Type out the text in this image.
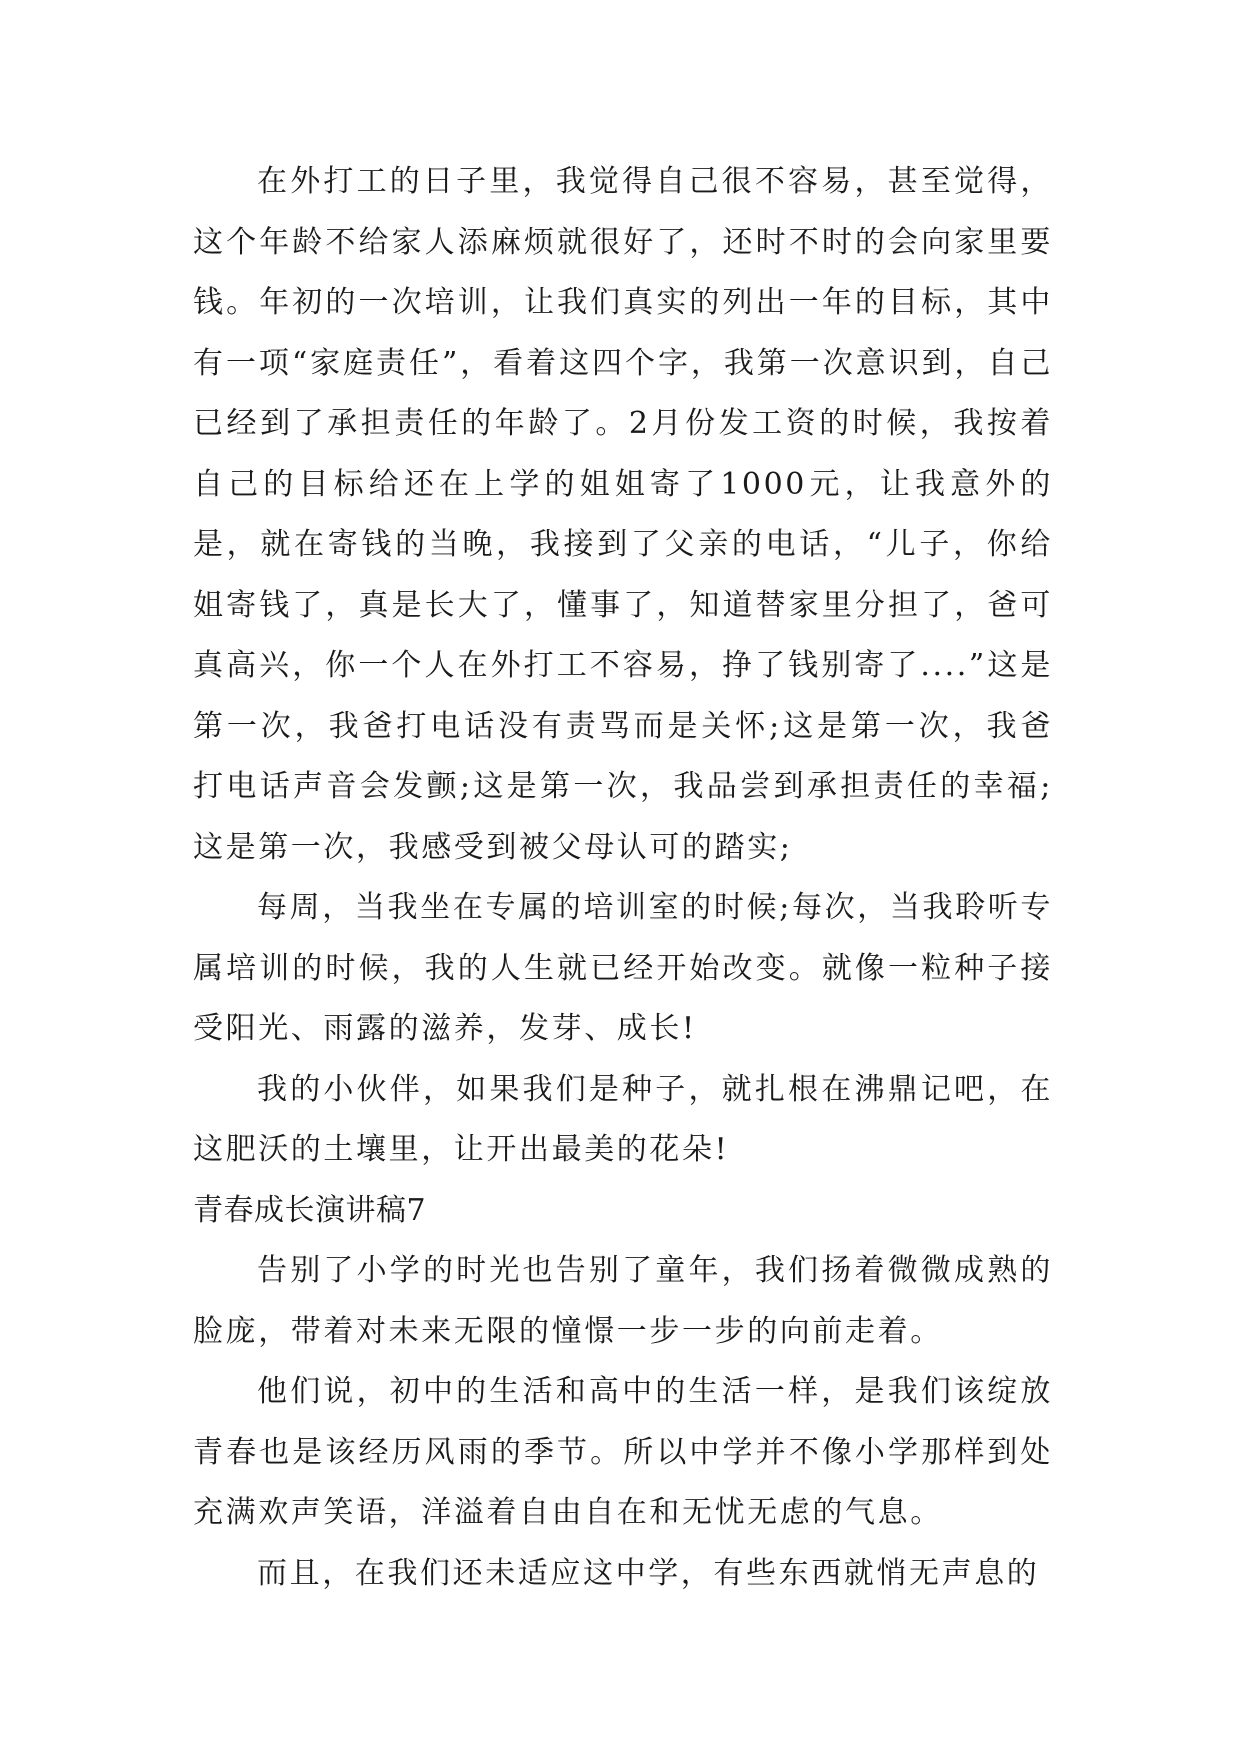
在外打工的日子里，我觉得自己很不容易，甚至觉得，这个年龄不给家人添麻烦就很好了，还时不时的会向家里要钱。年初的一次培训，让我们真实的列出一年的目标，其中有一项“家庭责任”，看着这四个字，我第一次意识到，自己已经到了承担责任的年龄了。2月份发工资的时候，我按着自己的目标给还在上学的姐姐寄了1000元，让我意外的是，就在寄钱的当晚，我接到了父亲的电话，“儿子，你给姐寄钱了，真是长大了，懂事了，知道替家里分担了，爸可真高兴，你一个人在外打工不容易，挣了钱别寄了....”这是第一次，我爸打电话没有责骂而是关怀;这是第一次，我爸打电话声音会发颤;这是第一次，我品尝到承担责任的幸福;这是第一次，我感受到被父母认可的踏实;

每周，当我坐在专属的培训室的时候;每次，当我聆听专属培训的时候，我的人生就已经开始改变。就像一粒种子接受阳光、雨露的滋养，发芽、成长!

我的小伙伴，如果我们是种子，就扎根在沸鼎记吧，在这肥沃的土壤里，让开出最美的花朵!

青春成长演讲稿7

告别了小学的时光也告别了童年，我们扬着微微成熟的脸庞，带着对未来无限的憧憬一步一步的向前走着。

他们说，初中的生活和高中的生活一样，是我们该绽放青春也是该经历风雨的季节。所以中学并不像小学那样到处充满欢声笑语，洋溢着自由自在和无忧无虑的气息。

而且，在我们还未适应这中学，有些东西就悄无声息的
